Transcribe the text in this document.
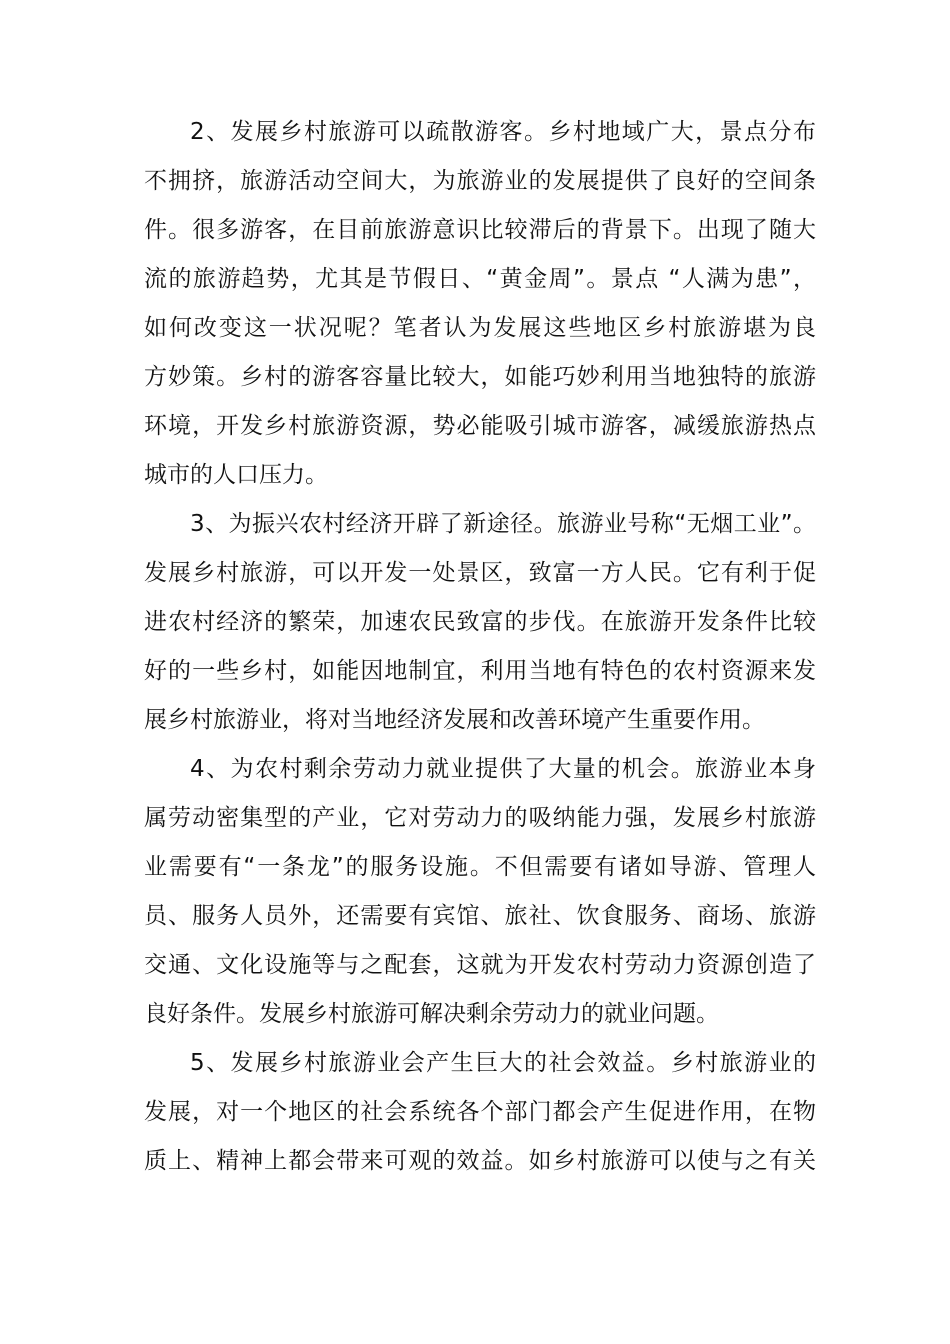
2、发展乡村旅游可以疏散游客。乡村地域广大，景点分布
不拥挤，旅游活动空间大，为旅游业的发展提供了良好的空间条
件。很多游客，在目前旅游意识比较滞后的背景下。出现了随大
流的旅游趋势，尤其是节假日、“黄金周”。景点 “人满为患”，
如何改变这一状况呢？笔者认为发展这些地区乡村旅游堪为良
方妙策。乡村的游客容量比较大，如能巧妙利用当地独特的旅游
环境，开发乡村旅游资源，势必能吸引城市游客，减缓旅游热点
城市的人口压力。
3、为振兴农村经济开辟了新途径。旅游业号称“无烟工业”。
发展乡村旅游，可以开发一处景区，致富一方人民。它有利于促
进农村经济的繁荣，加速农民致富的步伐。在旅游开发条件比较
好的一些乡村，如能因地制宜，利用当地有特色的农村资源来发
展乡村旅游业，将对当地经济发展和改善环境产生重要作用。
4、为农村剩余劳动力就业提供了大量的机会。旅游业本身
属劳动密集型的产业，它对劳动力的吸纳能力强，发展乡村旅游
业需要有“一条龙”的服务设施。不但需要有诸如导游、管理人
员、服务人员外，还需要有宾馆、旅社、饮食服务、商场、旅游
交通、文化设施等与之配套，这就为开发农村劳动力资源创造了
良好条件。发展乡村旅游可解决剩余劳动力的就业问题。
5、发展乡村旅游业会产生巨大的社会效益。乡村旅游业的
发展，对一个地区的社会系统各个部门都会产生促进作用，在物
质上、精神上都会带来可观的效益。如乡村旅游可以使与之有关
